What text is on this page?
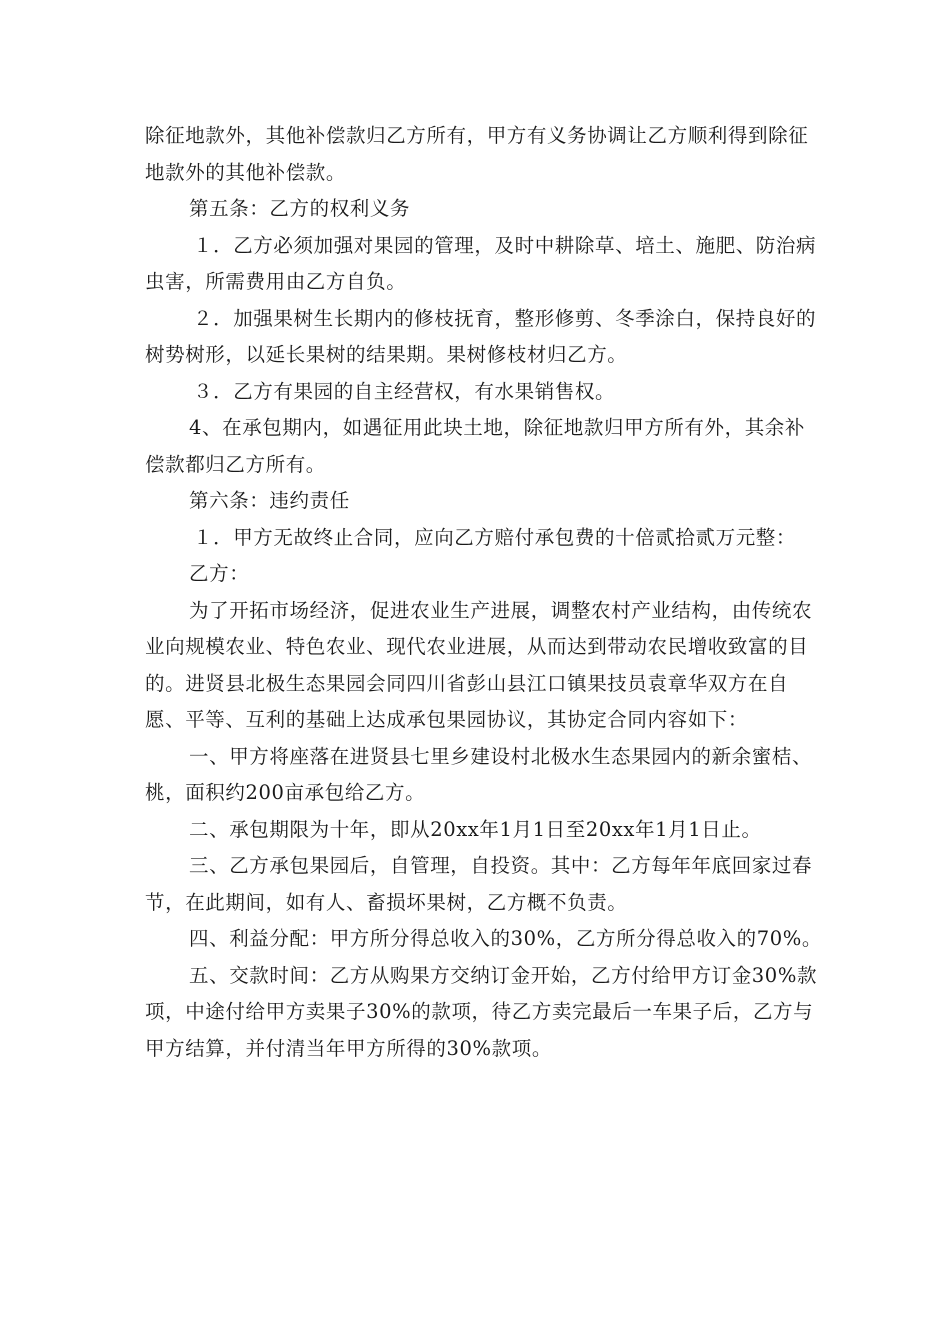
除征地款外，其他补偿款归乙方所有，甲方有义务协调让乙方顺利得到除征地款外的其他补偿款。

第五条：乙方的权利义务

１．乙方必须加强对果园的管理，及时中耕除草、培土、施肥、防治病虫害，所需费用由乙方自负。

２．加强果树生长期内的修枝抚育，整形修剪、冬季涂白，保持良好的树势树形，以延长果树的结果期。果树修枝材归乙方。

３．乙方有果园的自主经营权，有水果销售权。

4、在承包期内，如遇征用此块土地，除征地款归甲方所有外，其余补偿款都归乙方所有。

第六条：违约责任

１．甲方无故终止合同，应向乙方赔付承包费的十倍贰拾贰万元整：

乙方：

为了开拓市场经济，促进农业生产进展，调整农村产业结构，由传统农业向规模农业、特色农业、现代农业进展，从而达到带动农民增收致富的目的。进贤县北极生态果园会同四川省彭山县江口镇果技员袁章华双方在自愿、平等、互利的基础上达成承包果园协议，其协定合同内容如下：

一、甲方将座落在进贤县七里乡建设村北极水生态果园内的新余蜜桔、桃，面积约200亩承包给乙方。

二、承包期限为十年，即从20xx年1月1日至20xx年1月1日止。

三、乙方承包果园后，自管理，自投资。其中：乙方每年年底回家过春节，在此期间，如有人、畜损坏果树，乙方概不负责。

四、利益分配：甲方所分得总收入的30%，乙方所分得总收入的70%。

五、交款时间：乙方从购果方交纳订金开始，乙方付给甲方订金30%款项，中途付给甲方卖果子30%的款项，待乙方卖完最后一车果子后，乙方与甲方结算，并付清当年甲方所得的30%款项。
